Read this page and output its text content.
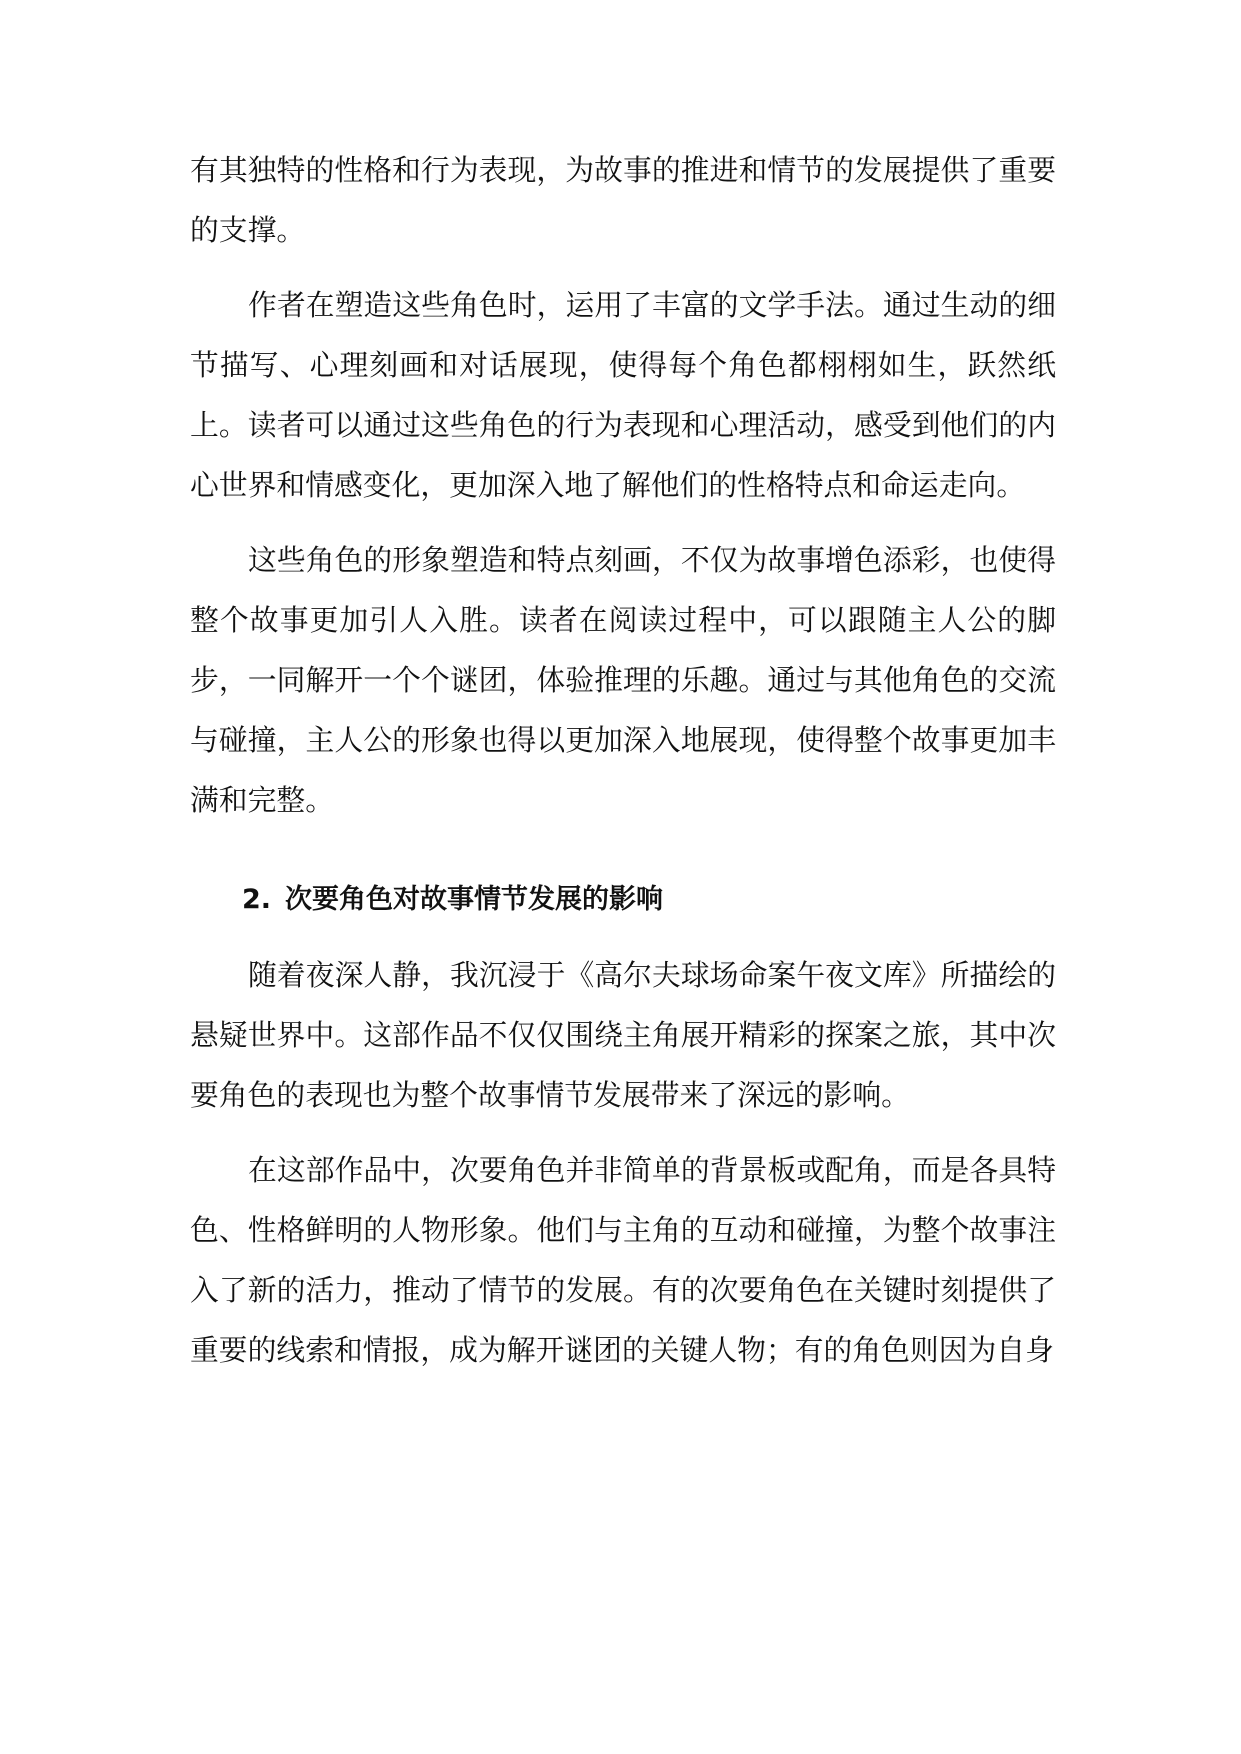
有其独特的性格和行为表现，为故事的推进和情节的发展提供了重要的支撑。

作者在塑造这些角色时，运用了丰富的文学手法。通过生动的细节描写、心理刻画和对话展现，使得每个角色都栩栩如生，跃然纸上。读者可以通过这些角色的行为表现和心理活动，感受到他们的内心世界和情感变化，更加深入地了解他们的性格特点和命运走向。

这些角色的形象塑造和特点刻画，不仅为故事增色添彩，也使得整个故事更加引人入胜。读者在阅读过程中，可以跟随主人公的脚步，一同解开一个个谜团，体验推理的乐趣。通过与其他角色的交流与碰撞，主人公的形象也得以更加深入地展现，使得整个故事更加丰满和完整。

2. 次要角色对故事情节发展的影响

随着夜深人静，我沉浸于《高尔夫球场命案午夜文库》所描绘的悬疑世界中。这部作品不仅仅围绕主角展开精彩的探案之旅，其中次要角色的表现也为整个故事情节发展带来了深远的影响。

在这部作品中，次要角色并非简单的背景板或配角，而是各具特色、性格鲜明的人物形象。他们与主角的互动和碰撞，为整个故事注入了新的活力，推动了情节的发展。有的次要角色在关键时刻提供了重要的线索和情报，成为解开谜团的关键人物；有的角色则因为自身
